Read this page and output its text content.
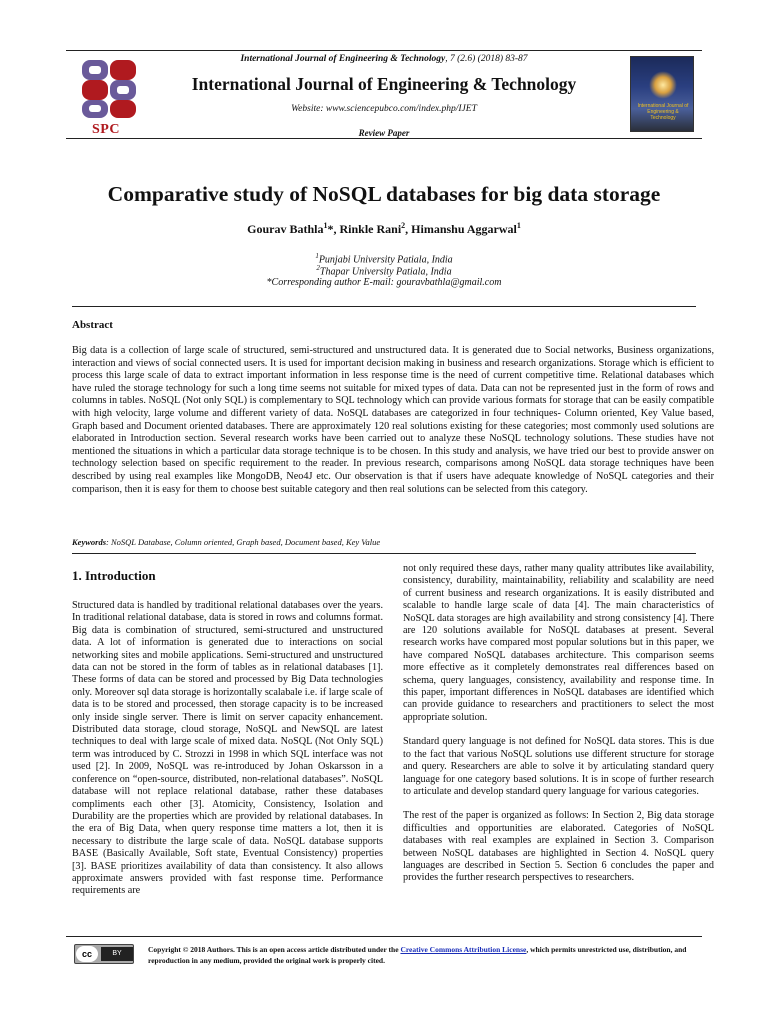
SPC
International Journal of Engineering & Technology, 7 (2.6) (2018) 83-87
International Journal of Engineering & Technology
Website: www.sciencepubco.com/index.php/IJET
Review Paper
International Journal of Engineering & Technology
Comparative study of NoSQL databases for big data storage
Gourav Bathla$^1$*, Rinkle Rani$^2$, Himanshu Aggarwal$^1$
$^1$Punjabi University Patiala, India
$^2$Thapar University Patiala, India
*Corresponding author E-mail: gouravbathla@gmail.com
Abstract
Big data is a collection of large scale of structured, semi-structured and unstructured data. It is generated due to Social networks, Business organizations, interaction and views of social connected users. It is used for important decision making in business and research organizations. Storage which is efficient to process this large scale of data to extract important information in less response time is the need of current competitive time. Relational databases which have ruled the storage technology for such a long time seems not suitable for mixed types of data. Data can not be represented just in the form of rows and columns in tables. NoSQL (Not only SQL) is complementary to SQL technology which can provide various formats for storage that can be easily compatible with high velocity, large volume and different variety of data. NoSQL databases are categorized in four techniques- Column oriented, Key Value based, Graph based and Document oriented databases. There are approximately 120 real solutions existing for these categories; most commonly used solutions are elaborated in Introduction section. Several research works have been carried out to analyze these NoSQL technology solutions. These studies have not mentioned the situations in which a particular data storage technique is to be chosen. In this study and analysis, we have tried our best to provide answer on technology selection based on specific requirement to the reader. In previous research, comparisons among NoSQL data storage techniques have been described by using real examples like MongoDB, Neo4J etc. Our observation is that if users have adequate knowledge of NoSQL categories and their comparison, then it is easy for them to choose best suitable category and then real solutions can be selected from this category.
Keywords: NoSQL Database, Column oriented, Graph based, Document based, Key Value
1. Introduction

Structured data is handled by traditional relational databases over the years. In traditional relational database, data is stored in rows and columns format. Big data is combination of structured, semi-structured and unstructured data. A lot of information is generated due to interactions on social networking sites and mobile applications. Semi-structured and unstructured data can not be stored in the form of tables as in relational databases [1]. These forms of data can be stored and processed by Big Data technologies only. Moreover sql data storage is horizontally scalabale i.e. if large scale of data is to be stored and processed, then storage capacity is to be increased only inside single server. There is limit on server capacity enhancement. Distributed data storage, cloud storage, NoSQL and NewSQL are latest techniques to deal with large scale of mixed data. NoSQL (Not Only SQL) term was introduced by C. Strozzi in 1998 in which SQL interface was not used [2]. In 2009, NoSQL was re-introduced by Johan Oskarsson in a conference on “open-source, distributed, non-relational databases”. NoSQL database will not replace relational database, rather these databases compliments each other [3]. Atomicity, Consistency, Isolation and Durability are the properties which are provided by relational databases. In the era of Big Data, when query response time matters a lot, then it is necessary to distribute the large scale of data. NoSQL database supports BASE (Basically Available, Soft state, Eventual Consistency) properties [3]. BASE prioritizes availability of data than consistency. It also allows approximate answers provided with fast response time. Performance requirements are

not only required these days, rather many quality attributes like availability, consistency, durability, maintainability, reliability and scalability are need of current business and research organizations. It is easily distributed and scalable to handle large scale of data [4]. The main characteristics of NoSQL data storages are high availability and strong consistency [4]. There are 120 solutions available for NoSQL databases at present. Several research works have compared most popular solutions but in this paper, we have compared NoSQL databases architecture. This comparison seems more effective as it completely demonstrates real differences based on schema, query languages, consistency, availability and response time. In this paper, important differences in NoSQL databases are identified which can provide guidance to researchers and practitioners to select the most appropriate solution.

Standard query language is not defined for NoSQL data stores. This is due to the fact that various NoSQL solutions use different structure for storage and query. Researchers are able to solve it by articulating standard query language for one category based solutions. It is in scope of further research to articulate and develop standard query language for various categories.

The rest of the paper is organized as follows: In Section 2, Big data storage difficulties and opportunities are elaborated. Categories of NoSQL databases with real examples are explained in Section 3. Comparison between NoSQL databases are highlighted in Section 4. NoSQL query languages are described in Section 5. Section 6 concludes the paper and provides the further research perspectives to researchers.

cc	BY	Copyright © 2018 Authors. This is an open access article distributed under the Creative Commons Attribution License, which permits unrestricted use, distribution, and reproduction in any medium, provided the original work is properly cited.
